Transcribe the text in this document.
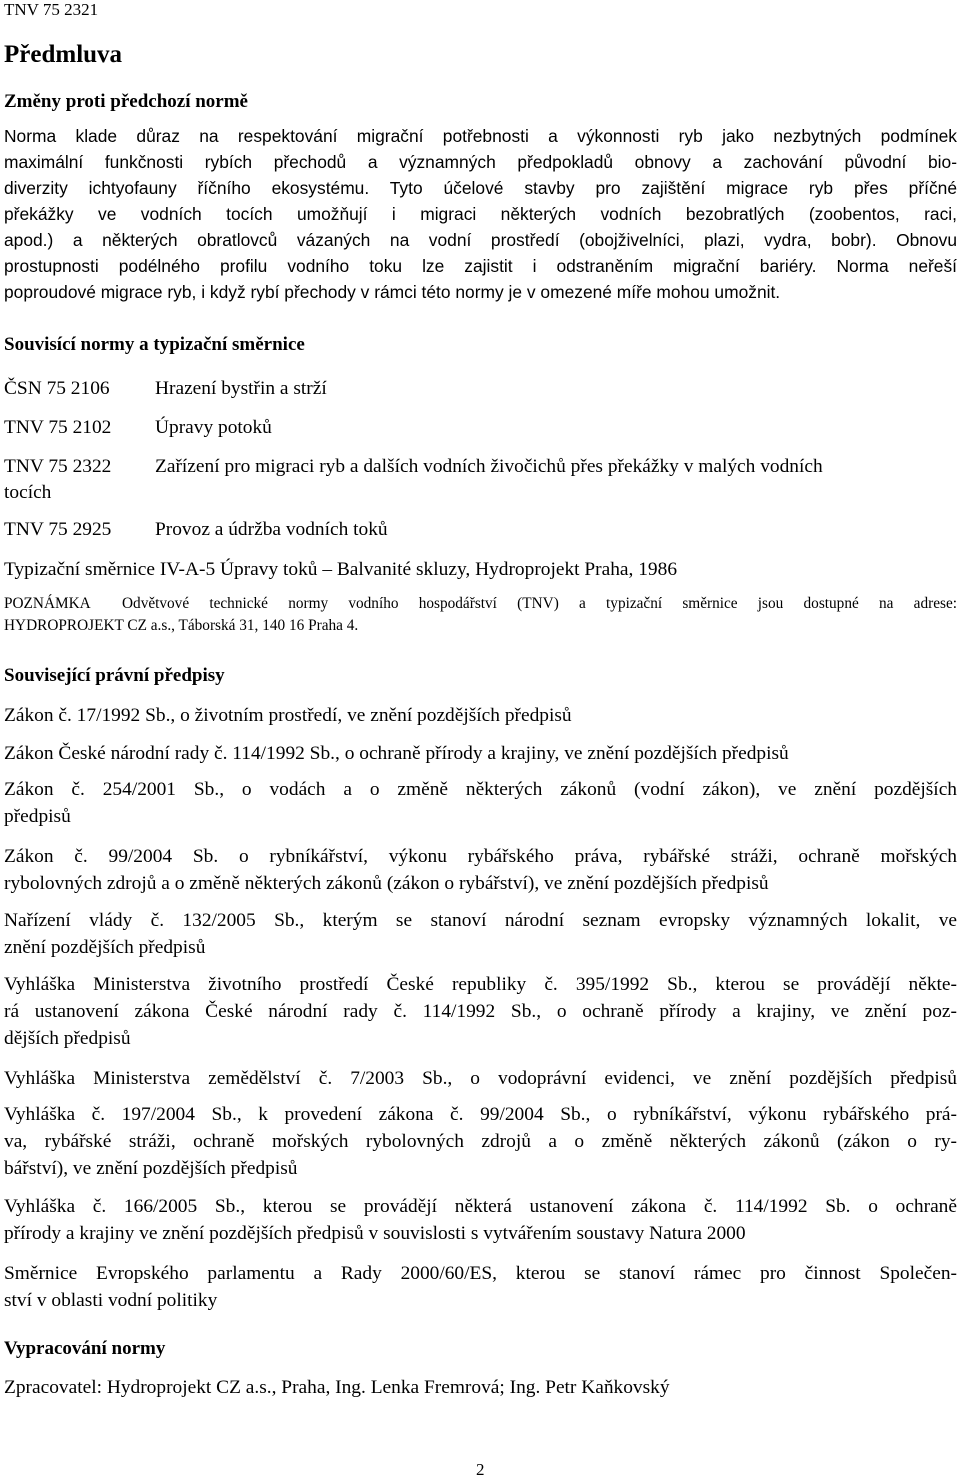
TNV 75 2321
Předmluva
Změny proti předchozí normě
Norma klade důraz na respektování migrační potřebnosti a výkonnosti ryb jako nezbytných podmínek
maximální funkčnosti rybích přechodů a významných předpokladů obnovy a zachování původní bio-
diverzity ichtyofauny říčního ekosystému. Tyto účelové stavby pro zajištění migrace ryb přes příčné
překážky ve vodních tocích umožňují i migraci některých vodních bezobratlých (zoobentos, raci,
apod.) a některých obratlovců vázaných na vodní prostředí (obojživelníci, plazi, vydra, bobr). Obnovu
prostupnosti podélného profilu vodního toku lze zajistit i odstraněním migrační bariéry. Norma neřeší
poproudové migrace ryb, i když rybí přechody v rámci této normy je v omezené míře mohou umožnit.
Souvisící normy a typizační směrnice
ČSN 75 2106 Hrazení bystřin a strží
TNV 75 2102 Úpravy potoků
TNV 75 2322 Zařízení pro migraci ryb a dalších vodních živočichů přes překážky v malých vodních
tocích
TNV 75 2925 Provoz a údržba vodních toků
Typizační směrnice IV-A-5 Úpravy toků – Balvanité skluzy, Hydroprojekt Praha, 1986
POZNÁMKA Odvětvové technické normy vodního hospodářství (TNV) a typizační směrnice jsou dostupné na adrese:
HYDROPROJEKT CZ a.s., Táborská 31, 140 16 Praha 4.
Související právní předpisy
Zákon č. 17/1992 Sb., o životním prostředí, ve znění pozdějších předpisů
Zákon České národní rady č. 114/1992 Sb., o ochraně přírody a krajiny, ve znění pozdějších předpisů
Zákon č. 254/2001 Sb., o vodách a o změně některých zákonů (vodní zákon), ve znění pozdějších
předpisů
Zákon č. 99/2004 Sb. o rybníkářství, výkonu rybářského práva, rybářské stráži, ochraně mořských
rybolovných zdrojů a o změně některých zákonů (zákon o rybářství), ve znění pozdějších předpisů
Nařízení vlády č. 132/2005 Sb., kterým se stanoví národní seznam evropsky významných lokalit, ve
znění pozdějších předpisů
Vyhláška Ministerstva životního prostředí České republiky č. 395/1992 Sb., kterou se provádějí někte-
rá ustanovení zákona České národní rady č. 114/1992 Sb., o ochraně přírody a krajiny, ve znění poz-
dějších předpisů
Vyhláška Ministerstva zemědělství č. 7/2003 Sb., o vodoprávní evidenci, ve znění pozdějších předpisů
Vyhláška č. 197/2004 Sb., k provedení zákona č. 99/2004 Sb., o rybníkářství, výkonu rybářského prá-
va, rybářské stráži, ochraně mořských rybolovných zdrojů a o změně některých zákonů (zákon o ry-
bářství), ve znění pozdějších předpisů
Vyhláška č. 166/2005 Sb., kterou se provádějí některá ustanovení zákona č. 114/1992 Sb. o ochraně
přírody a krajiny ve znění pozdějších předpisů v souvislosti s vytvářením soustavy Natura 2000
Směrnice Evropského parlamentu a Rady 2000/60/ES, kterou se stanoví rámec pro činnost Společen-
ství v oblasti vodní politiky
Vypracování normy
Zpracovatel: Hydroprojekt CZ a.s., Praha, Ing. Lenka Fremrová; Ing. Petr Kaňkovský
2
